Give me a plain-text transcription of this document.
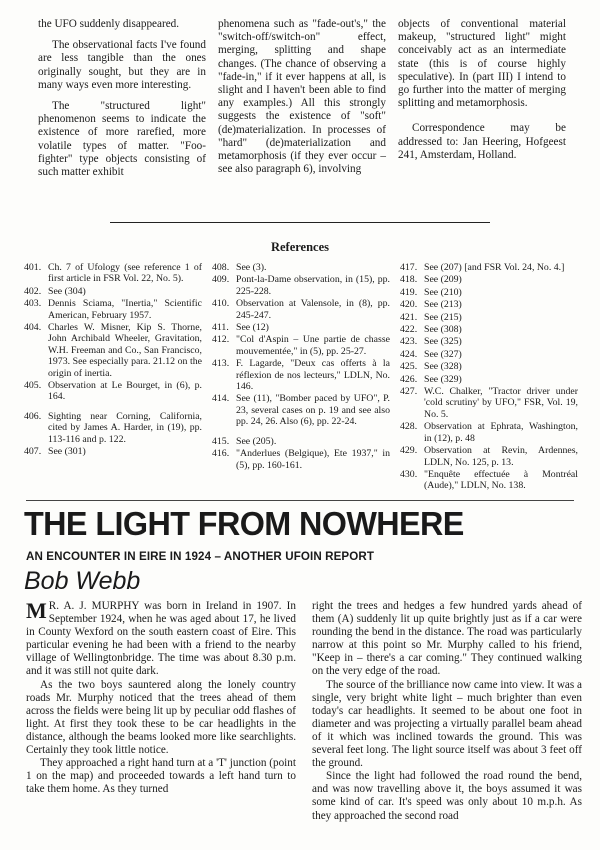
the UFO suddenly disappeared.

The observational facts I've found are less tangible than the ones originally sought, but they are in many ways even more interesting.

The "structured light" phenomenon seems to indicate the existence of more rarefied, more volatile types of matter. "Foo-fighter" type objects consisting of such matter exhibit

phenomena such as "fade-out's," the "switch-off/switch-on" effect, merging, splitting and shape changes. (The chance of observing a "fade-in," if it ever happens at all, is slight and I haven't been able to find any examples.) All this strongly suggests the existence of "soft" (de)materialization. In processes of "hard" (de)materialization and metamorphosis (if they ever occur – see also paragraph 6), involving

objects of conventional material makeup, "structured light" might conceivably act as an intermediate state (this is of course highly speculative). In (part III) I intend to go further into the matter of merging splitting and metamorphosis.

Correspondence may be addressed to: Jan Heering, Hofgeest 241, Amsterdam, Holland.

References
401. Ch. 7 of Ufology (see reference 1 of first article in FSR Vol. 22, No. 5).
402. See (304)
403. Dennis Sciama, "Inertia," Scientific American, February 1957.
404. Charles W. Misner, Kip S. Thorne, John Archibald Wheeler, Gravitation, W.H. Freeman and Co., San Francisco, 1973. See especially para. 21.12 on the origin of inertia.
405. Observation at Le Bourget, in (6), p. 164.
406. Sighting near Corning, California, cited by James A. Harder, in (19), pp. 113-116 and p. 122.
407. See (301)
408. See (3).
409. Pont-la-Dame observation, in (15), pp. 225-228.
410. Observation at Valensole, in (8), pp. 245-247.
411. See (12)
412. "Col d'Aspin – Une partie de chasse mouvementée," in (5), pp. 25-27.
413. F. Lagarde, "Deux cas offerts à la réflexion de nos lecteurs," LDLN, No. 146.
414. See (11), "Bomber paced by UFO", P. 23, several cases on p. 19 and see also pp. 24, 26. Also (6), pp. 22-24.
415. See (205).
416. "Anderlues (Belgique), Ete 1937," in (5), pp. 160-161.
417. See (207) [and FSR Vol. 24, No. 4.]
418. See (209)
419. See (210)
420. See (213)
421. See (215)
422. See (308)
423. See (325)
424. See (327)
425. See (328)
426. See (329)
427. W.C. Chalker, "Tractor driver under 'cold scrutiny' by UFO," FSR, Vol. 19, No. 5.
428. Observation at Ephrata, Washington, in (12), p. 48
429. Observation at Revin, Ardennes, LDLN, No. 125, p. 13.
430. "Enquête effectuée à Montréal (Aude)," LDLN, No. 138.
THE LIGHT FROM NOWHERE
AN ENCOUNTER IN EIRE IN 1924 – ANOTHER UFOIN REPORT
Bob Webb

M R. A. J. MURPHY was born in Ireland in 1907. In September 1924, when he was aged about 17, he lived in County Wexford on the south eastern coast of Eire. This particular evening he had been with a friend to the nearby village of Wellingtonbridge. The time was about 8.30 p.m. and it was still not quite dark.

As the two boys sauntered along the lonely country roads Mr. Murphy noticed that the trees ahead of them across the fields were being lit up by peculiar odd flashes of light. At first they took these to be car headlights in the distance, although the beams looked more like searchlights. Certainly they took little notice.

They approached a right hand turn at a 'T' junction (point 1 on the map) and proceeded towards a left hand turn to take them home. As they turned

right the trees and hedges a few hundred yards ahead of them (A) suddenly lit up quite brightly just as if a car were rounding the bend in the distance. The road was particularly narrow at this point so Mr. Murphy called to his friend, "Keep in – there's a car coming." They continued walking on the very edge of the road.

The source of the brilliance now came into view. It was a single, very bright white light – much brighter than even today's car headlights. It seemed to be about one foot in diameter and was projecting a virtually parallel beam ahead of it which was inclined towards the ground. This was several feet long. The light source itself was about 3 feet off the ground.

Since the light had followed the road round the bend, and was now travelling above it, the boys assumed it was some kind of car. It's speed was only about 10 m.p.h. As they approached the second road
